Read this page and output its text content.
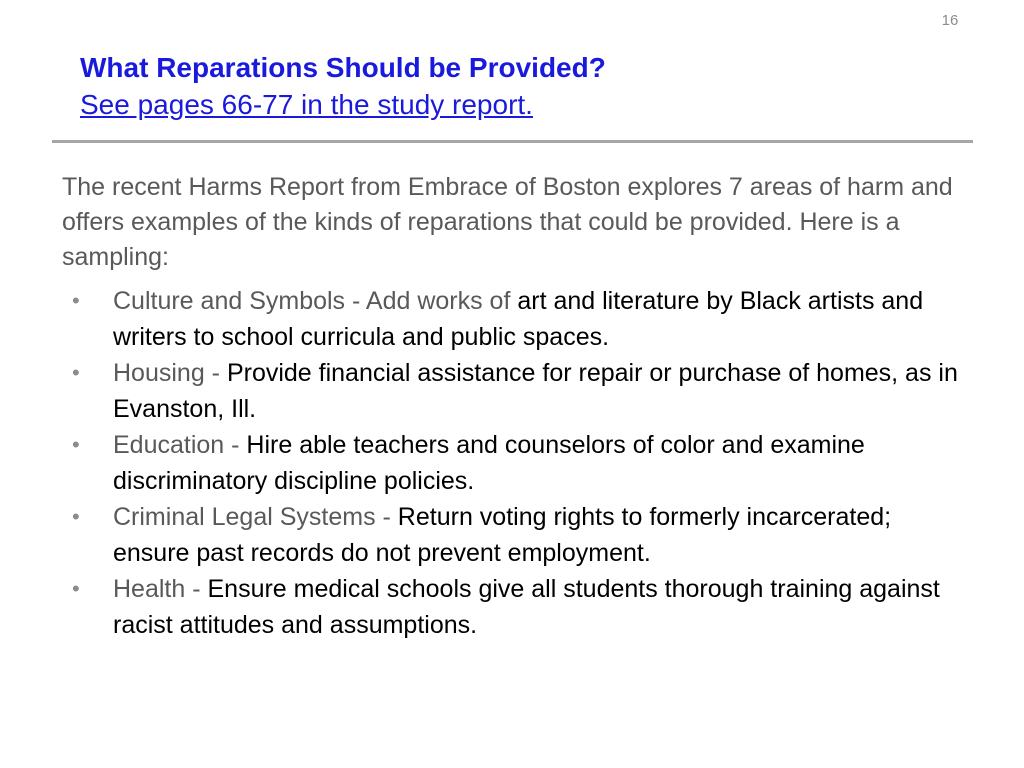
16
What Reparations Should be Provided?
See pages 66-77 in the study report.

The recent Harms Report from Embrace of Boston explores 7 areas of harm and offers examples of the kinds of reparations that could be provided. Here is a sampling:

• Culture and Symbols - Add works of art and literature by Black artists and writers to school curricula and public spaces.
• Housing - Provide financial assistance for repair or purchase of homes, as in Evanston, Ill.
• Education - Hire able teachers and counselors of color and examine discriminatory discipline policies.
• Criminal Legal Systems - Return voting rights to formerly incarcerated; ensure past records do not prevent employment.
• Health - Ensure medical schools give all students thorough training against racist attitudes and assumptions.
